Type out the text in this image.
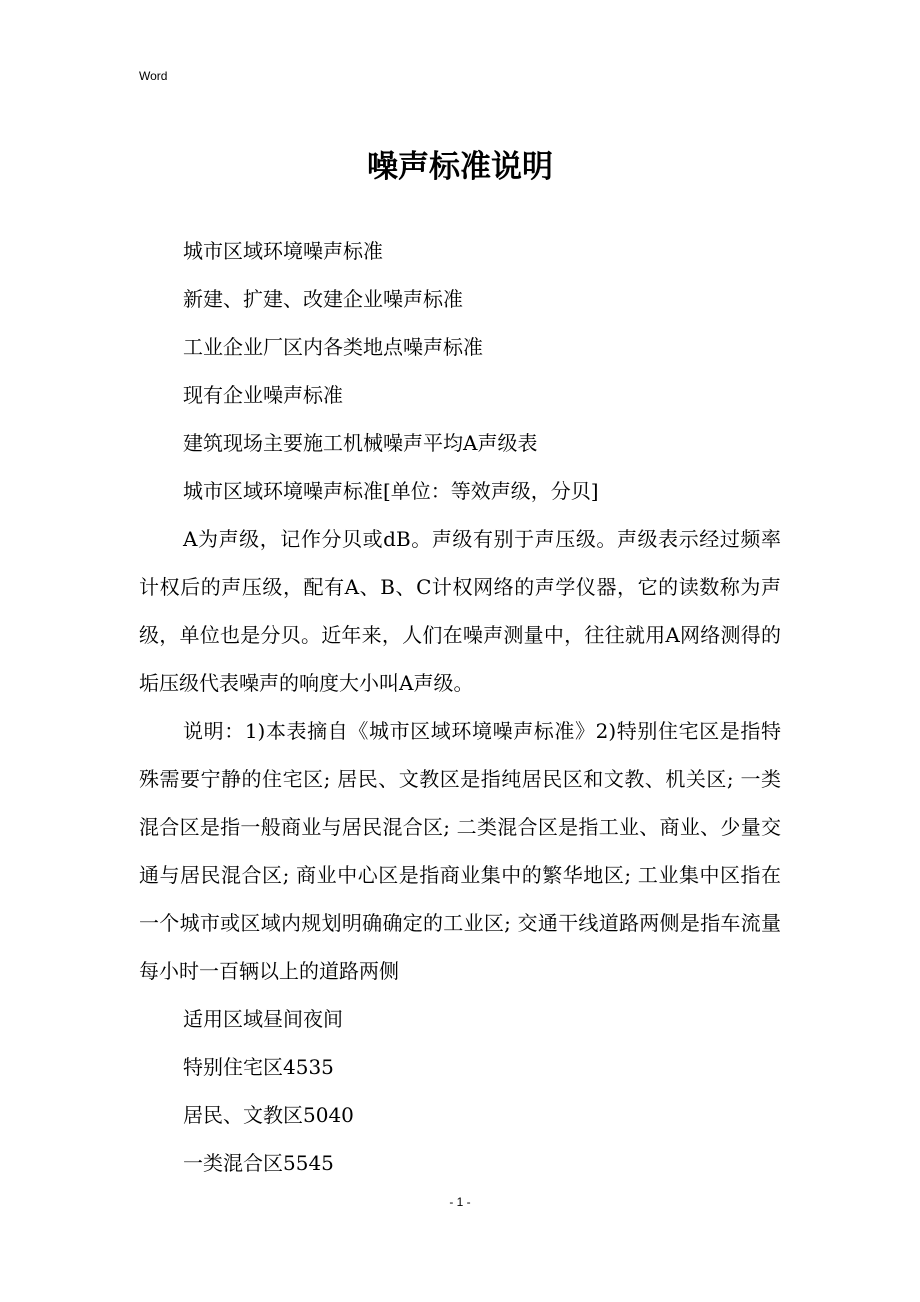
Word
噪声标准说明

城市区域环境噪声标准

新建、扩建、改建企业噪声标准

工业企业厂区内各类地点噪声标准

现有企业噪声标准

建筑现场主要施工机械噪声平均A声级表

城市区域环境噪声标准[单位：等效声级，分贝]

A为声级，记作分贝或dB。声级有别于声压级。声级表示经过频率计权后的声压级，配有A、B、C计权网络的声学仪器，它的读数称为声级，单位也是分贝。近年来，人们在噪声测量中，往往就用A网络测得的垢压级代表噪声的响度大小叫A声级。

说明：1)本表摘自《城市区域环境噪声标准》2)特别住宅区是指特殊需要宁静的住宅区; 居民、文教区是指纯居民区和文教、机关区; 一类混合区是指一般商业与居民混合区; 二类混合区是指工业、商业、少量交通与居民混合区; 商业中心区是指商业集中的繁华地区; 工业集中区指在一个城市或区域内规划明确确定的工业区; 交通干线道路两侧是指车流量每小时一百辆以上的道路两侧

适用区域昼间夜间

特别住宅区4535

居民、文教区5040

一类混合区5545

- 1 -
